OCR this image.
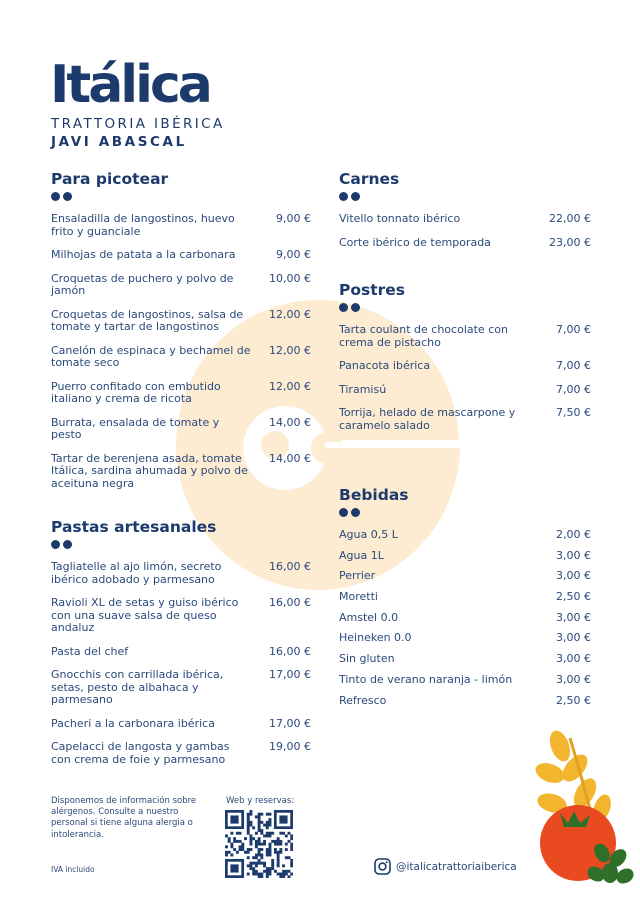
Itálica
TRATTORIA IBÉRICA
JAVI ABASCAL
Para picotear
Ensaladilla de langostinos, huevo frito y guanciale
9,00 €
Milhojas de patata a la carbonara	9,00 €
Croquetas de puchero y polvo de jamón
10,00 €
Croquetas de langostinos, salsa de tomate y tartar de langostinos
12,00 €
Canelón de espinaca y bechamel de tomate seco
12,00 €
Puerro confitado con embutido italiano y crema de ricota
12,00 €
Burrata, ensalada de tomate y pesto
14,00 €
Tartar de berenjena asada, tomate Itálica, sardina ahumada y polvo de aceituna negra
14,00 €
Pastas artesanales
Tagliatelle al ajo limón, secreto ibérico adobado y parmesano
16,00 €
Ravioli XL de setas y guiso ibérico con una suave salsa de queso andaluz
16,00 €
Pasta del chef	16,00 €
Gnocchis con carrillada ibérica, setas, pesto de albahaca y parmesano
17,00 €
Pacheri a la carbonara ibérica	17,00 €
Capelacci de langosta y gambas con crema de foie y parmesano
19,00 €
Carnes
Vitello tonnato ibérico	22,00 €
Corte ibérico de temporada	23,00 €
Postres
Tarta coulant de chocolate con crema de pistacho
7,00 €
Panacota ibérica	7,00 €
Tiramisú	7,00 €
Torrija, helado de mascarpone y caramelo salado
7,50 €
Bebidas
Agua 0,5 L	2,00 €
Agua 1L	3,00 €
Perrier	3,00 €
Moretti	2,50 €
Amstel 0.0	3,00 €
Heineken 0.0	3,00 €
Sin gluten	3,00 €
Tinto de verano naranja - limón	3,00 €
Refresco	2,50 €
Disponemos de información sobre alérgenos. Consulte a nuestro personal si tiene alguna alergia o intolerancia.
IVA incluido
Web y reservas:
@italicatrattoriaiberica
